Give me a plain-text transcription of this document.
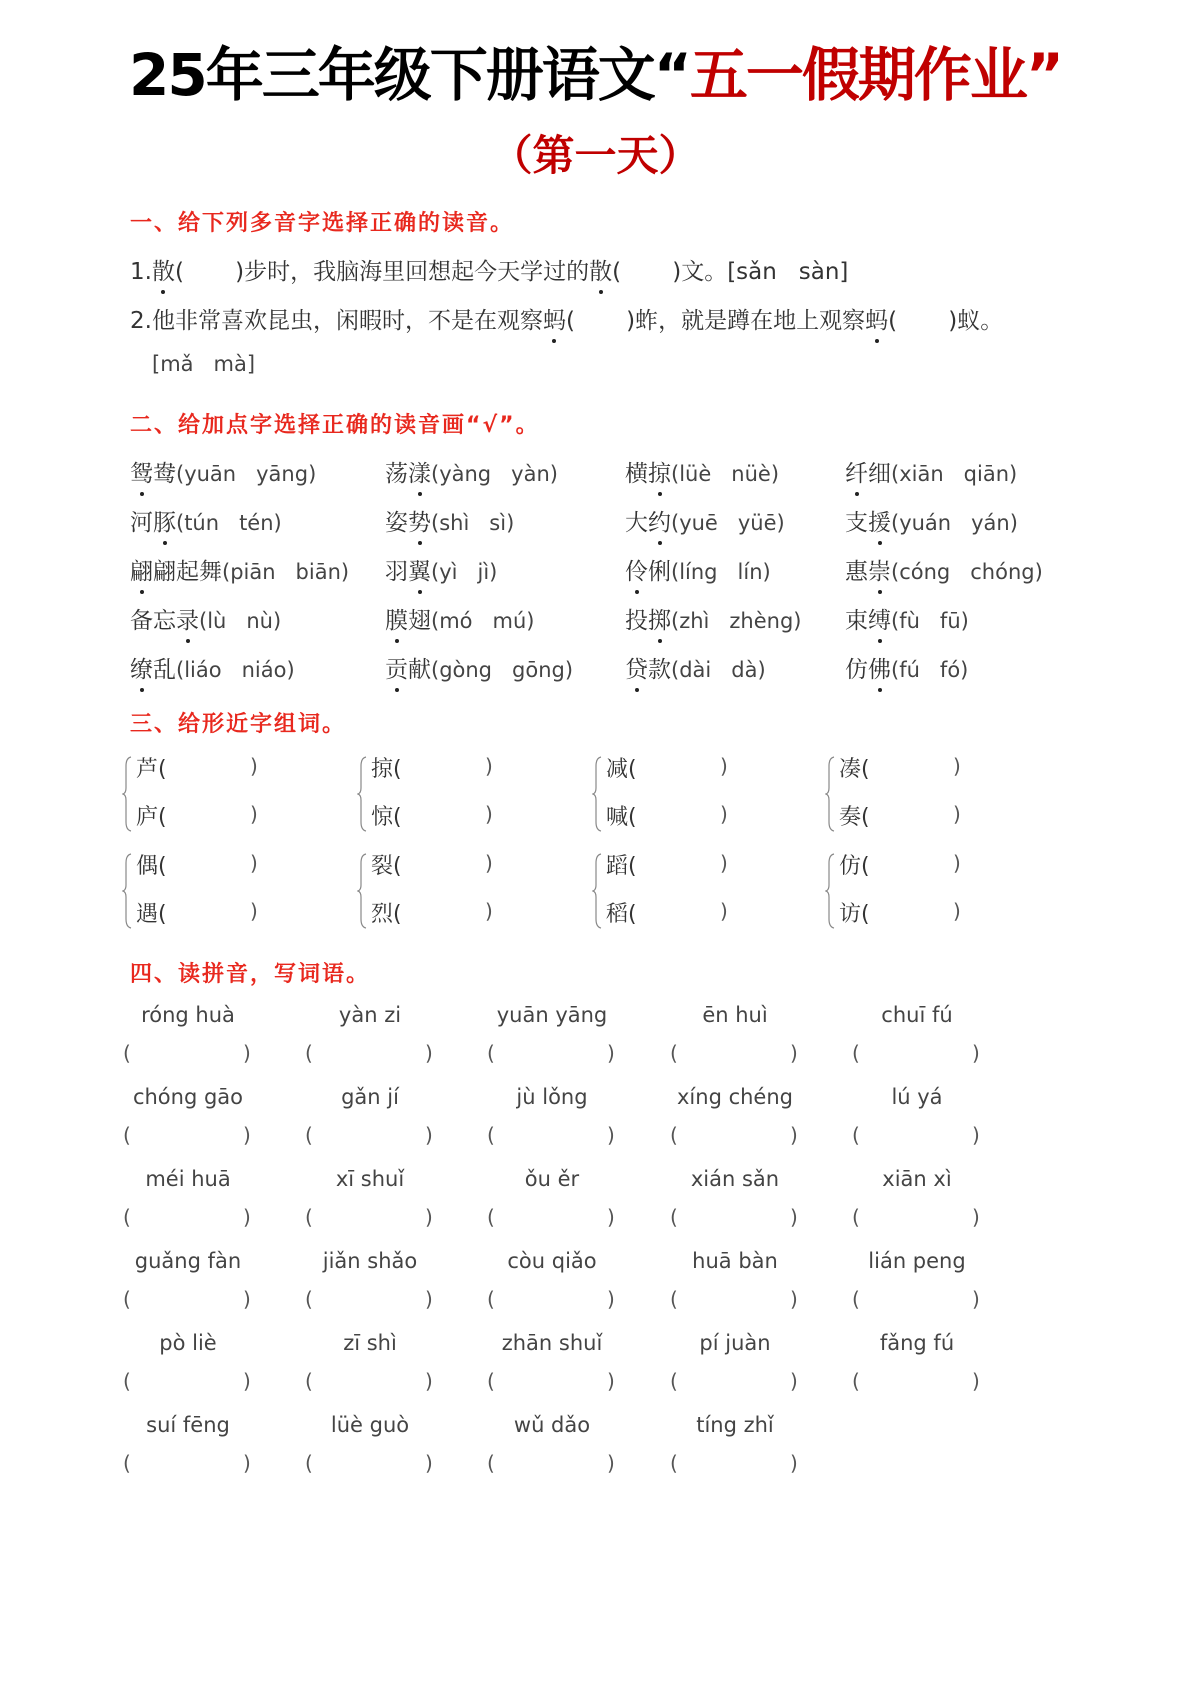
25年三年级下册语文“五一假期作业”
（第一天）
一、给下列多音字选择正确的读音。
1.散(       )步时，我脑海里回想起今天学过的散(       )文。[sǎn   sàn]
2.他非常喜欢昆虫，闲暇时，不是在观察蚂(       )蚱，就是蹲在地上观察蚂(       )蚁。
[mǎ   mà]
二、给加点字选择正确的读音画“√”。
鸳鸯(yuān   yāng)	荡漾(yàng   yàn)	横掠(lüè   nüè)	纤细(xiān   qiān)
河豚(tún   tén)	姿势(shì   sì)	大约(yuē   yüē)	支援(yuán   yán)
翩翩起舞(piān   biān) 羽翼(yì   jì)	伶俐(líng   lín)	惠崇(cóng   chóng)
备忘录(lù   nù)	膜翅(mó   mú)	投掷(zhì   zhèng) 束缚(fù   fū)
缭乱(liáo   niáo)	贡献(gòng   gōng) 贷款(dài   dà)	仿佛(fú   fó)
三、给形近字组词。
芦(	)
庐(	)
掠(	)
惊(	)
减(	)
喊(	)
凑(	)
奏(	)
偶(	)
遇(	)
裂(	)
烈(	)
蹈(	)
稻(	)
仿(	)
访(	)
四、读拼音，写词语。
róng huà
(	)
yàn zi
(	)
yuān yāng
(	)
ēn huì
(	)
chuī fú
(	)
chóng gāo
(	)
gǎn jí
(	)
jù lǒng
(	)
xíng chéng
(	)
lú yá
(	)
méi huā
(	)
xī shuǐ
(	)
ǒu ěr
(	)
xián sǎn
(	)
xiān xì
(	)
guǎng fàn
(	)
jiǎn shǎo
(	)
còu qiǎo
(	)
huā bàn
(	)
lián peng
(	)
pò liè
(	)
zī shì
(	)
zhān shuǐ
(	)
pí juàn
(	)
fǎng fú
(	)
suí fēng
(	)
lüè guò
(	)
wǔ dǎo
(	)
tíng zhǐ
(	)
